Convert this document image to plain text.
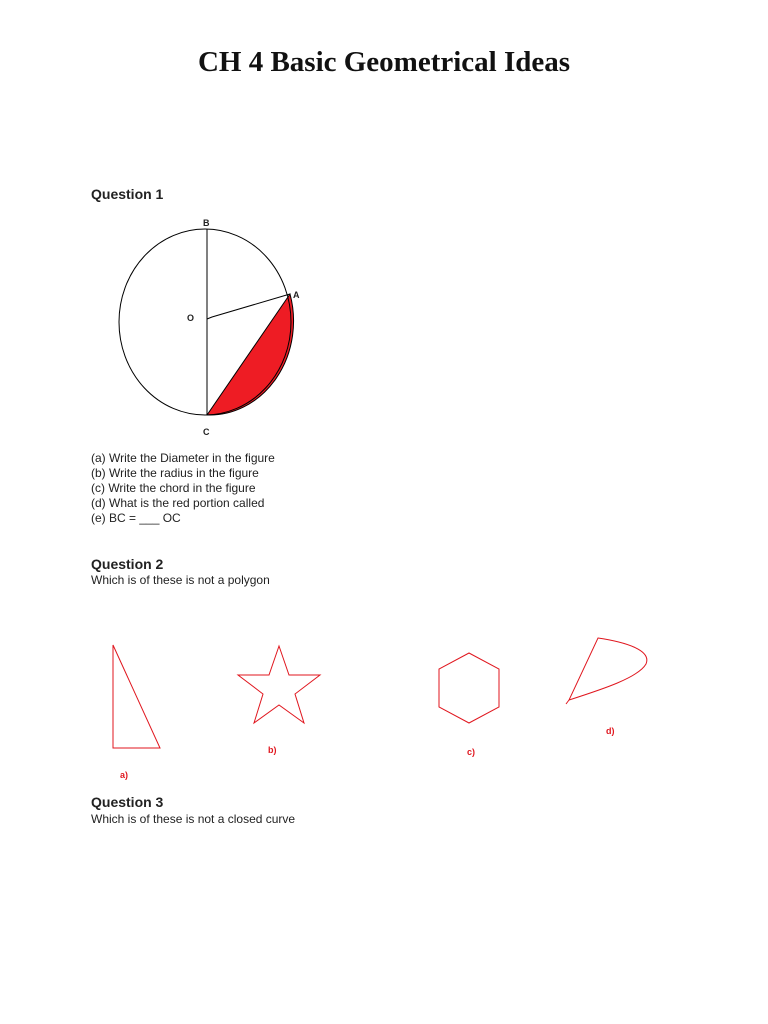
CH 4 Basic Geometrical Ideas
Question 1
B
A
O
C
(a) Write the Diameter in the figure
(b) Write the radius in the figure
(c) Write the chord in the figure
(d) What is the red portion called
(e) BC = ___ OC
Question 2

Which is of these is not a polygon

a)
b)	c)
d)
Question 3

Which is of these is not a closed curve
